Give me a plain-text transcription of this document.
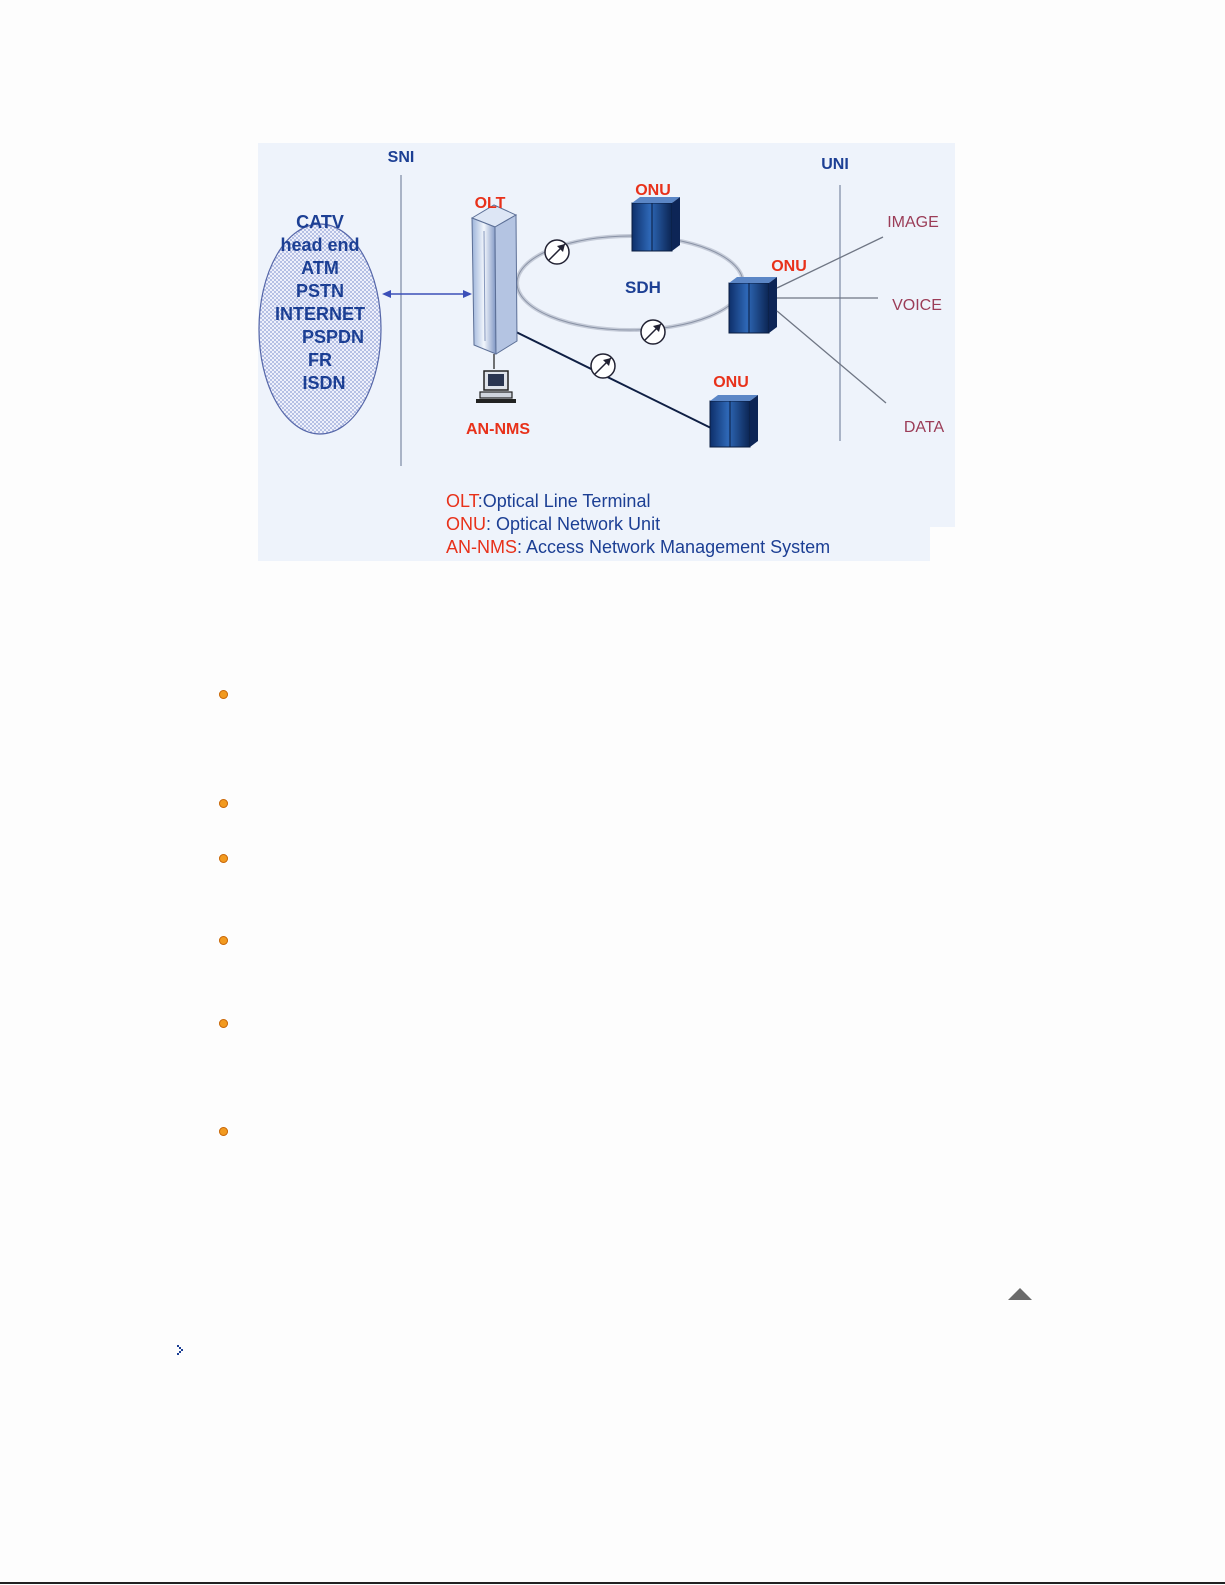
SNI	UNI
OLT
ONU
ONU
ONU
SDH
AN-NMS
IMAGE
VOICE
DATA
CATV
head end
ATM
PSTN
INTERNET
PSPDN
FR
ISDN
OLT:Optical Line Terminal
ONU: Optical Network Unit
AN-NMS: Access Network Management System
